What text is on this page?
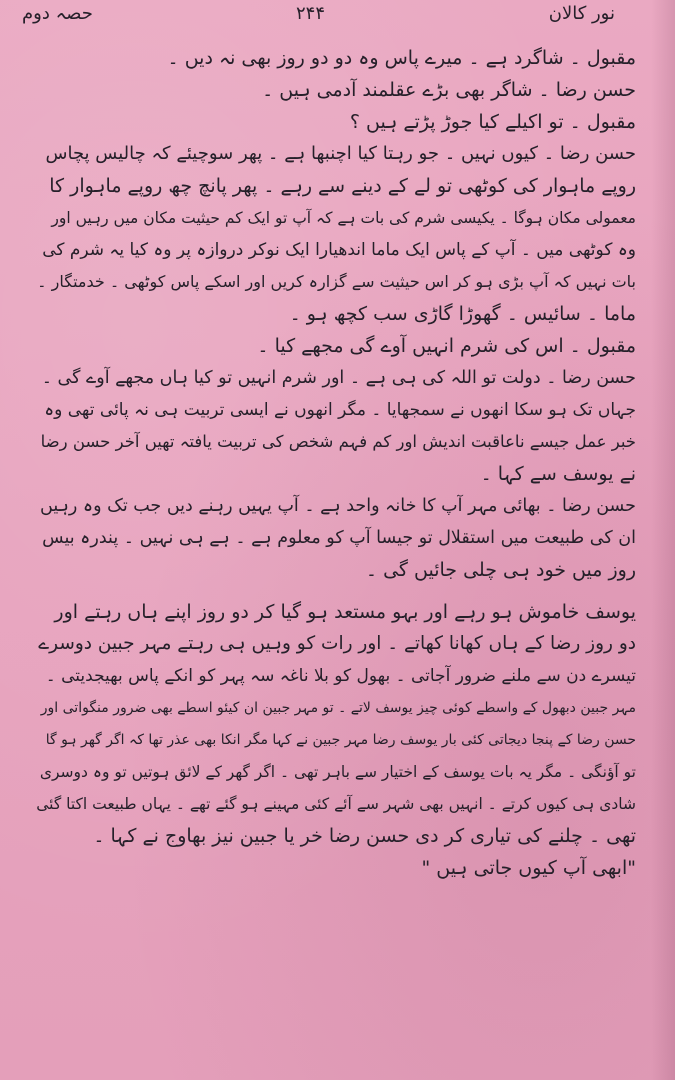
حصہ دوم	۲۴۴	نور کالان
مقبول ۔ شاگرد ہے ۔ میرے پاس وہ دو دو روز بھی نہ دیں ۔
حسن رضا ۔ شاگر بھی بڑے عقلمند آدمی ہیں ۔
مقبول ۔ تو اکیلے کیا جوڑ پڑتے ہیں ؟
حسن رضا ۔ کیوں نہیں ۔ جو رہتا کیا اچنبھا ہے ۔ پھر سوچیئے کہ چالیس پچاس
روپے ماہوار کی کوٹھی تو لے کے دینے سے رہے ۔ پھر پانچ چھ روپے ماہوار کا
معمولی مکان ہوگا ۔ یکیسی شرم کی بات ہے کہ آپ تو ایک کم حیثیت مکان میں رہیں اور
وہ کوٹھی میں ۔ آپ کے پاس ایک ماما اندھیارا ایک نوکر دروازہ پر وہ کیا یہ شرم کی
بات نہیں کہ آپ بڑی ہو کر اس حیثیت سے گزارہ کریں اور اسکے پاس کوٹھی ۔ خدمتگار ۔
ماما ۔ سائیس ۔ گھوڑا گاڑی سب کچھ ہو ۔
مقبول ۔ اس کی شرم انہیں آوے گی مجھے کیا ۔
حسن رضا ۔ دولت تو اللہ کی ہی ہے ۔ اور شرم انہیں تو کیا ہاں مجھے آوے گی ۔
جہاں تک ہو سکا انھوں نے سمجھایا ۔ مگر انھوں نے ایسی تربیت ہی نہ پائی تھی وہ
خبر عمل جیسے ناعاقبت اندیش اور کم فہم شخص کی تربیت یافتہ تھیں آخر حسن رضا
نے یوسف سے کہا ۔
حسن رضا ۔ بھائی مہر آپ کا خانہ واحد ہے ۔ آپ یہیں رہنے دیں جب تک وہ رہیں
ان کی طبیعت میں استقلال تو جیسا آپ کو معلوم ہے ۔ ہے ہی نہیں ۔ پندرہ بیس
روز میں خود ہی چلی جائیں گی ۔
یوسف خاموش ہو رہے اور بہو مستعد ہو گیا کر دو روز اپنے ہاں رہتے اور
دو روز رضا کے ہاں کھانا کھاتے ۔ اور رات کو وہیں ہی رہتے مہر جبین دوسرے
تیسرے دن سے ملنے ضرور آجاتی ۔ بھول کو بلا ناغہ سہ پہر کو انکے پاس بھیجدیتی ۔
مہر جبین دبھول کے واسطے کوئی چیز یوسف لاتے ۔ تو مہر جبین ان کیئو اسطے بھی ضرور منگواتی اور
حسن رضا کے پنجا دیجاتی کئی بار یوسف رضا مہر جبین نے کہا مگر انکا بھی عذر تھا کہ اگر گھر ہو گا
تو آؤنگی ۔ مگر یہ بات یوسف کے اختیار سے باہر تھی ۔ اگر گھر کے لائق ہوتیں تو وہ دوسری
شادی ہی کیوں کرتے ۔ انہیں بھی شہر سے آئے کئی مہینے ہو گئے تھے ۔ یہاں طبیعت اکتا گئی
تھی ۔ چلنے کی تیاری کر دی حسن رضا خر یا جبین نیز بھاوج نے کہا ۔
"ابھی آپ کیوں جاتی ہیں "
